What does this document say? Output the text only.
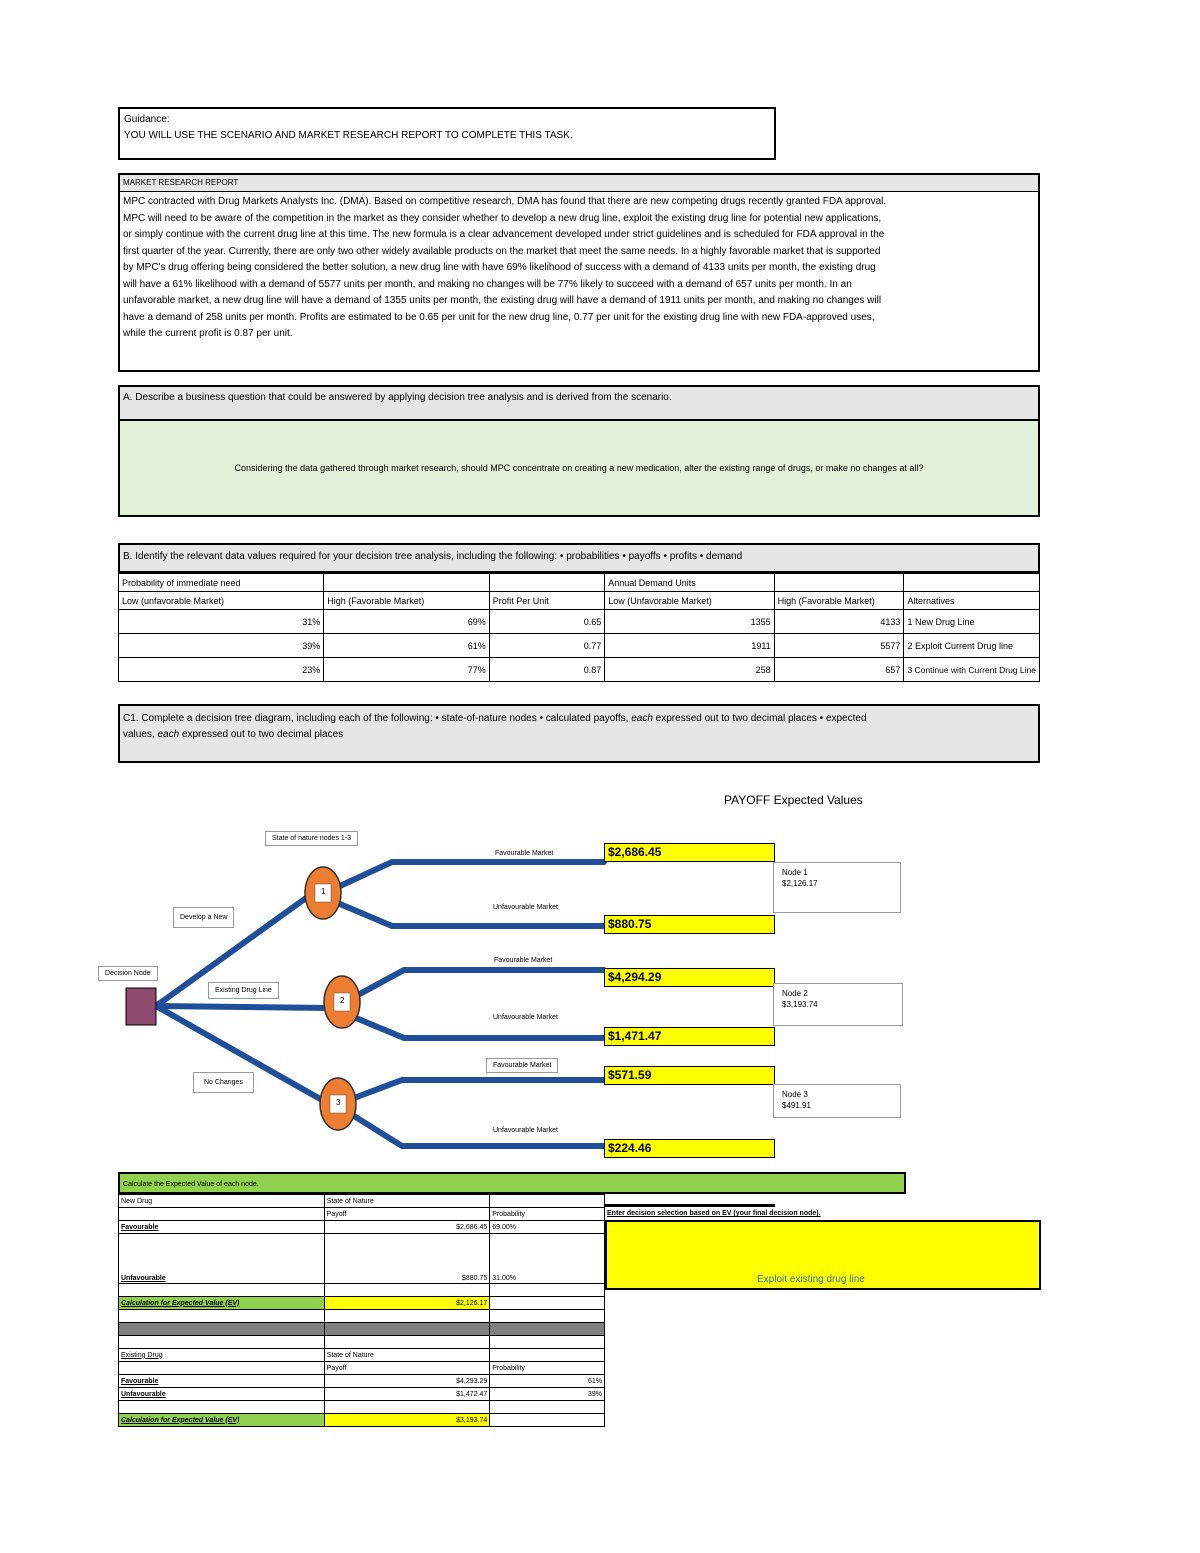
Guidance:
YOU WILL USE THE SCENARIO AND MARKET RESEARCH REPORT TO COMPLETE THIS TASK.
MARKET RESEARCH REPORT
MPC contracted with Drug Markets Analysts Inc. (DMA). Based on competitive research, DMA has found that there are new competing drugs recently granted FDA approval.
MPC will need to be aware of the competition in the market as they consider whether to develop a new drug line, exploit the existing drug line for potential new applications,
or simply continue with the current drug line at this time. The new formula is a clear advancement developed under strict guidelines and is scheduled for FDA approval in the
first quarter of the year. Currently, there are only two other widely available products on the market that meet the same needs. In a highly favorable market that is supported
by MPC's drug offering being considered the better solution, a new drug line with have 69% likelihood of success with a demand of 4133 units per month, the existing drug
will have a 61% likelihood with a demand of 5577 units per month, and making no changes will be 77% likely to succeed with a demand of 657 units per month. In an
unfavorable market, a new drug line will have a demand of 1355 units per month, the existing drug will have a demand of 1911 units per month, and making no changes will
have a demand of 258 units per month. Profits are estimated to be 0.65 per unit for the new drug line, 0.77 per unit for the existing drug line with new FDA-approved uses,
while the current profit is 0.87 per unit.
A. Describe a business question that could be answered by applying decision tree analysis and is derived from the scenario.
Considering the data gathered through market research, should MPC concentrate on creating a new medication, alter the existing range of drugs, or make no changes at all?
B. Identify the relevant data values required for your decision tree analysis, including the following: • probabilities • payoffs • profits • demand
Probability of immediate need			Annual Demand Units		
Low (unfavorable Market)	High (Favorable Market)	Profit Per Unit	Low (Unfavorable Market)	High (Favorable Market)	Alternatives
31%	69%	0.65	1355	4133	1 New Drug Line
39%	61%	0.77	1911	5577	2 Exploit Current Drug line
23%	77%	0.87	258	657	3 Continue with Current Drug Line
C1. Complete a decision tree diagram, including each of the following: • state-of-nature nodes • calculated payoffs, each expressed out to two decimal places • expected
values, each expressed out to two decimal places
PAYOFF Expected Values
1
2
3
State of nature nodes 1-3
Decision Node
Develop a New
Existing Drug Line
No Changes
Favourable Market
Unfavourable Market
Favourable Market
Unfavourable Market
Favourable Market
Unfavourable Market
$2,686.45
$880.75
$4,294.29
$1,471.47
$571.59
$224.46
Node 1
$2,126.17
Node 2
$3,193.74
Node 3
$491.91
Calculate the Expected Value of each node.
New Drug	State of Nature	
	Payoff	Probability
Favourable	$2,686.45	69.00%
Unfavourable	$880.75	31.00%

Calculation for Expected Value (EV)	$2,126.17	

Existing Drug	State of Nature	
	Payoff	Probability
Favourable	$4,293.29	61%
Unfavourable	$1,472.47	39%

Calculation for Expected Value (EV)	$3,193.74	
Enter decision selection based on EV (your final decision node).
Exploit existing drug line
